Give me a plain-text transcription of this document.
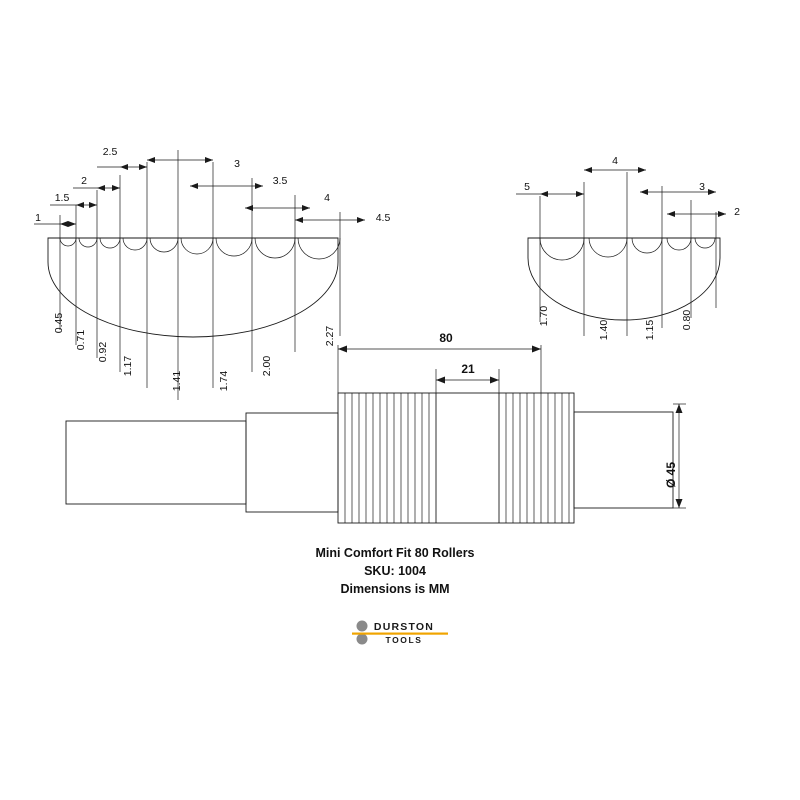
1
1.5
2
2.5
3
3.5
4
4.5
0.45
0.71
0.92
1.17
1.41	1.74
2.00
2.27
5
4
3
2
1.70
1.40	1.15 0.80
80
21
Ø 45
Mini Comfort Fit 80 Rollers
SKU: 1004
Dimensions is MM
DURSTON
TOOLS
